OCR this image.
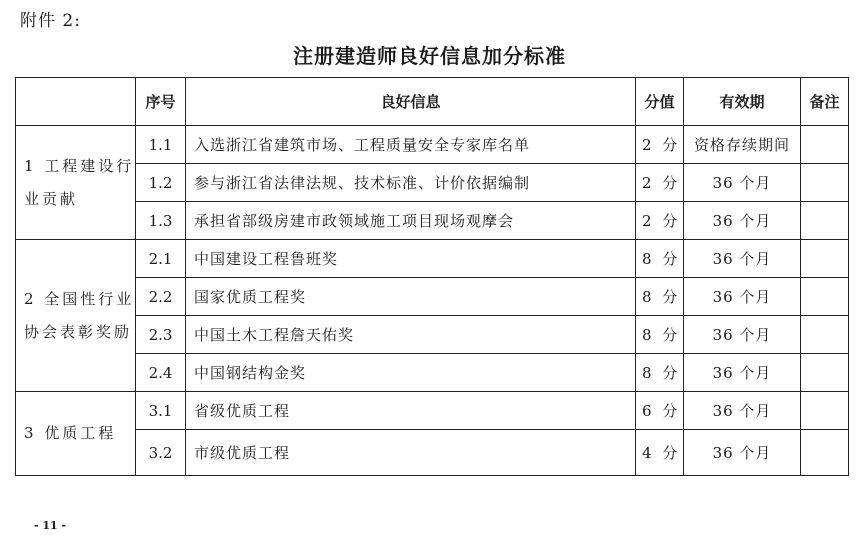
附件 2:
注册建造师良好信息加分标准
	序号	良好信息	分值	有效期	备注
1 工程建设行业贡献	1.1	入选浙江省建筑市场、工程质量安全专家库名单	2 分	资格存续期间	
	1.2	参与浙江省法律法规、技术标准、计价依据编制	2 分	36 个月	
	1.3	承担省部级房建市政领域施工项目现场观摩会	2 分	36 个月	
2 全国性行业协会表彰奖励	2.1	中国建设工程鲁班奖	8 分	36 个月	
	2.2	国家优质工程奖	8 分	36 个月	
	2.3	中国土木工程詹天佑奖	8 分	36 个月	
	2.4	中国钢结构金奖	8 分	36 个月	
3 优质工程	3.1	省级优质工程	6 分	36 个月	
	3.2	市级优质工程	4 分	36 个月	
- 11 -
